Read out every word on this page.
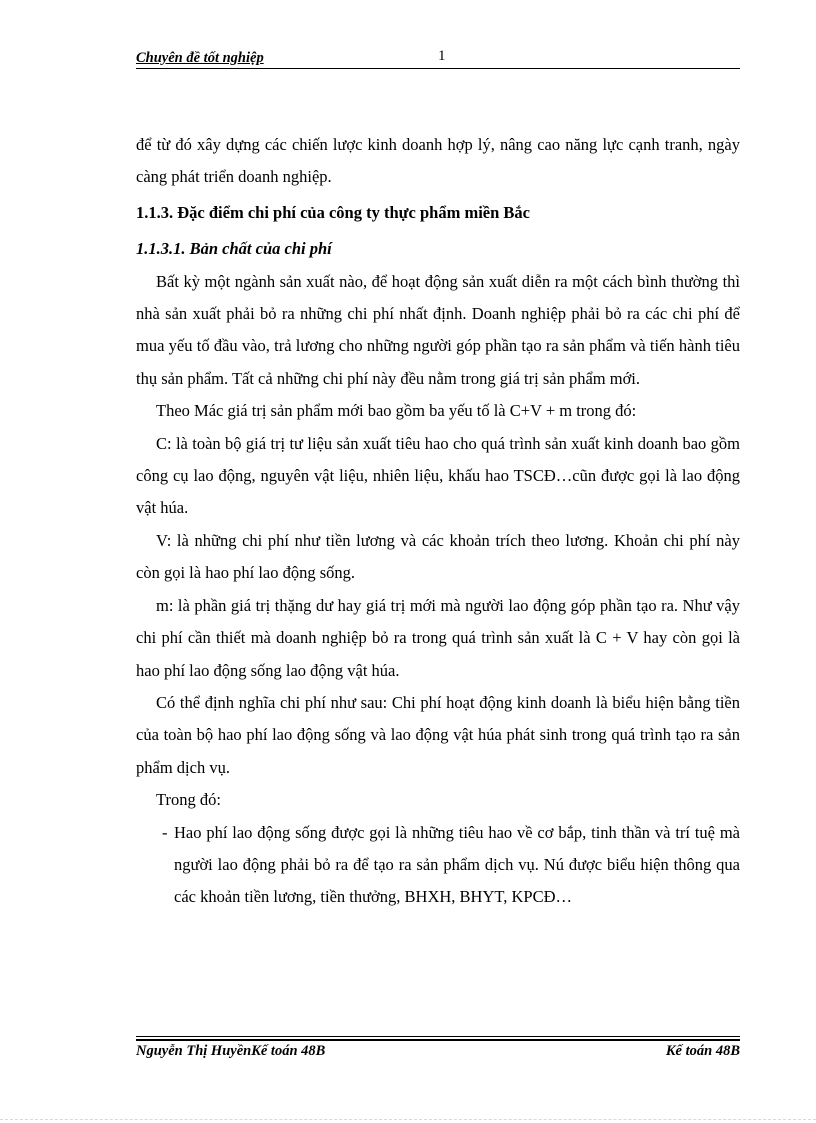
Chuyên đề tốt nghiệp	1

để từ đó xây dựng các chiến lược kinh doanh hợp lý, nâng cao năng lực cạnh tranh, ngày càng phát triển doanh nghiệp.

1.1.3. Đặc điểm chi phí của công ty thực phẩm miền Bắc
1.1.3.1. Bản chất của chi phí

Bất kỳ một ngành sản xuất nào, để hoạt động sản xuất diễn ra một cách bình thường thì nhà sản xuất phải bỏ ra những chi phí nhất định. Doanh nghiệp phải bỏ ra các chi phí để mua yếu tố đầu vào, trả lương cho những người góp phần tạo ra sản phẩm và tiến hành tiêu thụ sản phẩm. Tất cả những chi phí này đều nằm trong giá trị sản phẩm mới.

Theo Mác giá trị sản phẩm mới bao gồm ba yếu tố là C+V + m trong đó:

C: là toàn bộ giá trị tư liệu sản xuất tiêu hao cho quá trình sản xuất kinh doanh bao gồm công cụ lao động, nguyên vật liệu, nhiên liệu, khấu hao TSCĐ…cũn được gọi là lao động vật húa.

V: là những chi phí như tiền lương và các khoản trích theo lương. Khoản chi phí này còn gọi là hao phí lao động sống.

m: là phần giá trị thặng dư hay giá trị mới mà người lao động góp phần tạo ra. Như vậy chi phí cần thiết mà doanh nghiệp bỏ ra trong quá trình sản xuất là C + V hay còn gọi là hao phí lao động sống lao động vật húa.

Có thể định nghĩa chi phí như sau: Chi phí hoạt động kinh doanh là biểu hiện bằng tiền của toàn bộ hao phí lao động sống và lao động vật húa phát sinh trong quá trình tạo ra sản phẩm dịch vụ.

Trong đó:

- Hao phí lao động sống được gọi là những tiêu hao về cơ bắp, tinh thần và trí tuệ mà người lao động phải bỏ ra để tạo ra sản phẩm dịch vụ. Nú được biểu hiện thông qua các khoản tiền lương, tiền thưởng, BHXH, BHYT, KPCĐ…
Nguyễn Thị HuyềnKế toán 48B	Kế toán 48B
